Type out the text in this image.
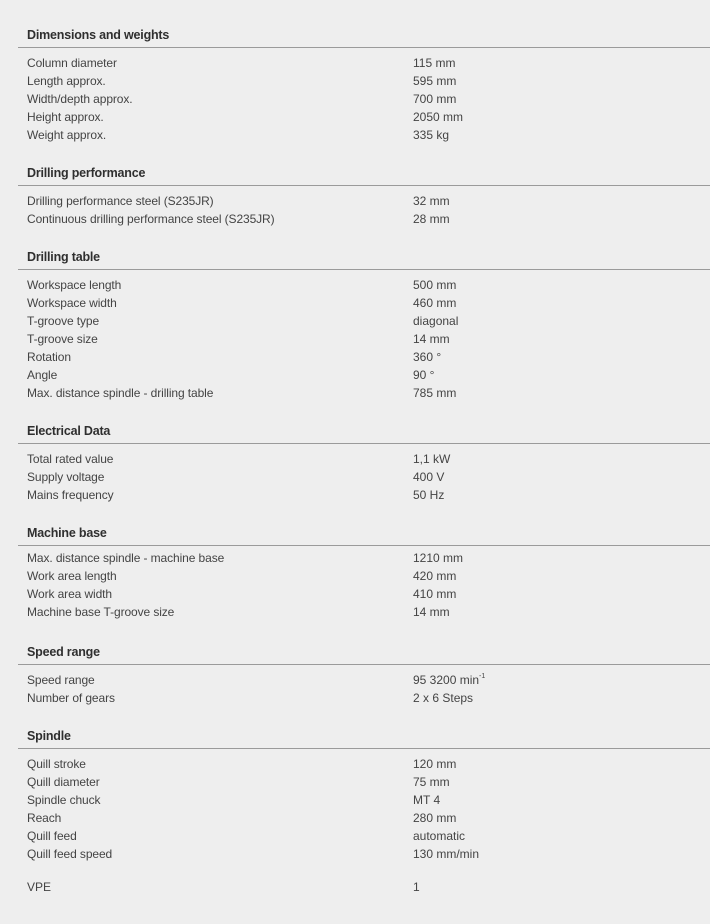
Dimensions and weights
Column diameter	115 mm
Length approx.	595 mm
Width/depth approx.	700 mm
Height approx.	2050 mm
Weight approx.	335 kg
Drilling performance
Drilling performance steel (S235JR)	32 mm
Continuous drilling performance steel (S235JR)	28 mm
Drilling table
Workspace length	500 mm
Workspace width	460 mm
T-groove type	diagonal
T-groove size	14 mm
Rotation	360 °
Angle	90 °
Max. distance spindle - drilling table	785 mm
Electrical Data
Total rated value	1,1 kW
Supply voltage	400 V
Mains frequency	50 Hz
Machine base
Max. distance spindle - machine base	1210 mm
Work area length	420 mm
Work area width	410 mm
Machine base T-groove size	14 mm
Speed range
Speed range	95 3200 $\min^{-1}$
Number of gears	2 x 6 Steps
Spindle
Quill stroke	120 mm
Quill diameter	75 mm
Spindle chuck	MT 4
Reach	280 mm
Quill feed	automatic
Quill feed speed	130 mm/min
VPE	1
